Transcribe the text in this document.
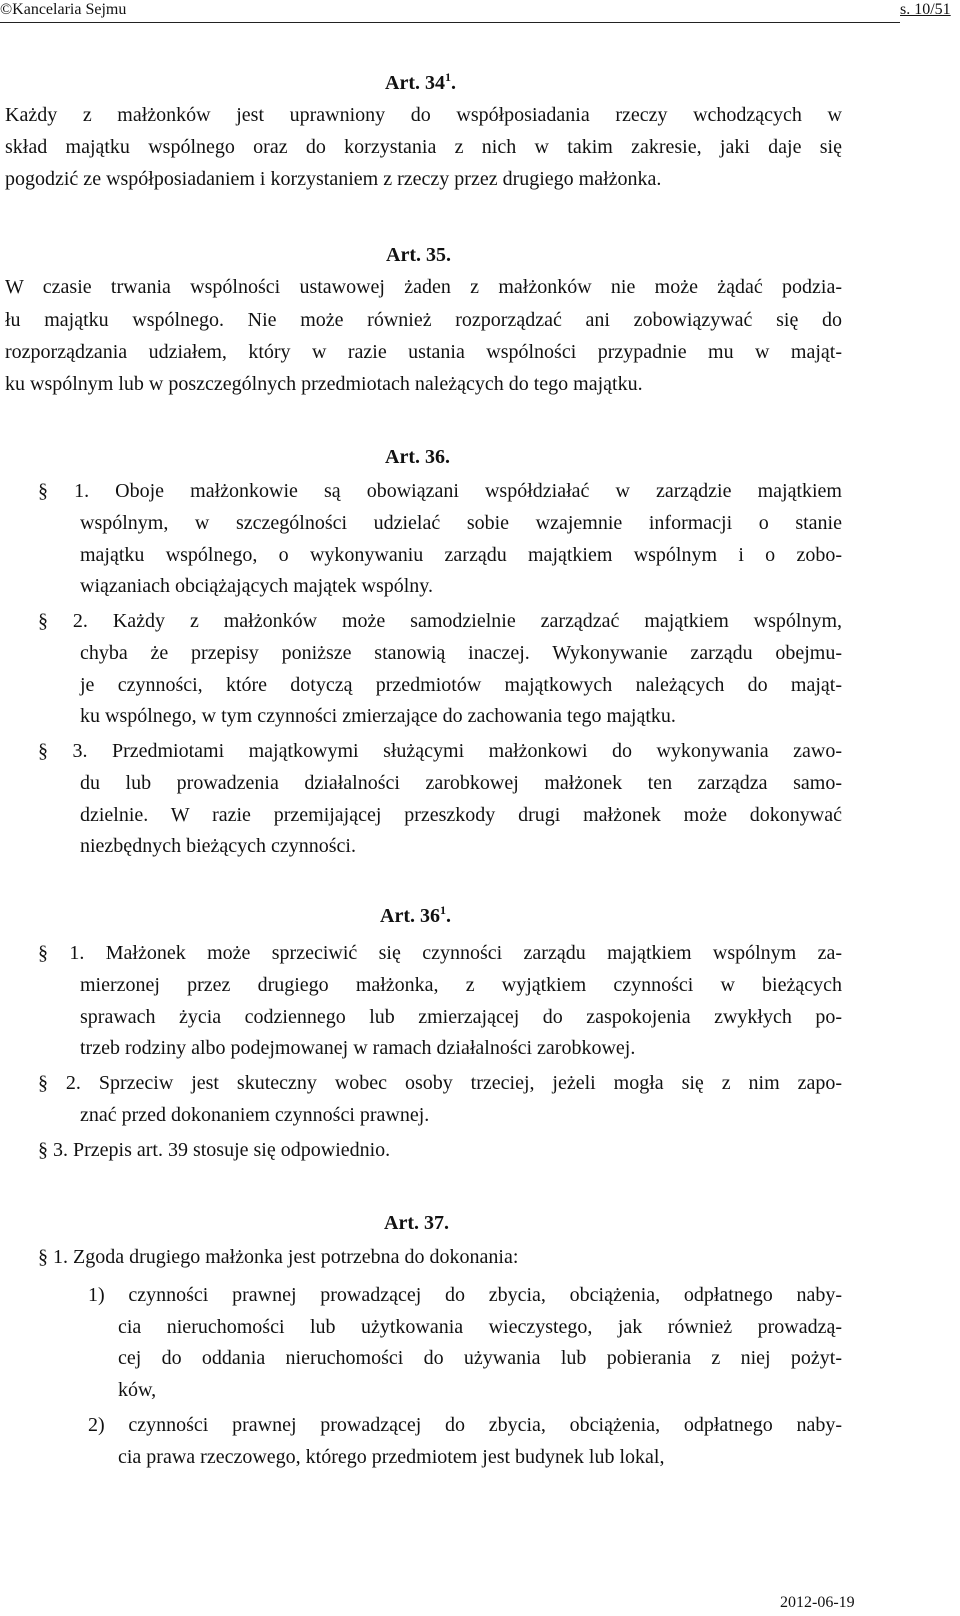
©Kancelaria Sejmu	s. 10/51
Art. $34^1$.
Każdy z małżonków jest uprawniony do współposiadania rzeczy wchodzących w
skład majątku wspólnego oraz do korzystania z nich w takim zakresie, jaki daje się
pogodzić ze współposiadaniem i korzystaniem z rzeczy przez drugiego małżonka.
Art. 35.
W czasie trwania wspólności ustawowej żaden z małżonków nie może żądać podzia-
łu majątku wspólnego. Nie może również rozporządzać ani zobowiązywać się do
rozporządzania udziałem, który w razie ustania wspólności przypadnie mu w mająt-
ku wspólnym lub w poszczególnych przedmiotach należących do tego majątku.
Art. 36.
§ 1. Oboje małżonkowie są obowiązani współdziałać w zarządzie majątkiem
wspólnym, w szczególności udzielać sobie wzajemnie informacji o stanie
majątku wspólnego, o wykonywaniu zarządu majątkiem wspólnym i o zobo-
wiązaniach obciążających majątek wspólny.
§ 2. Każdy z małżonków może samodzielnie zarządzać majątkiem wspólnym,
chyba że przepisy poniższe stanowią inaczej. Wykonywanie zarządu obejmu-
je czynności, które dotyczą przedmiotów majątkowych należących do mająt-
ku wspólnego, w tym czynności zmierzające do zachowania tego majątku.
§ 3. Przedmiotami majątkowymi służącymi małżonkowi do wykonywania zawo-
du lub prowadzenia działalności zarobkowej małżonek ten zarządza samo-
dzielnie. W razie przemijającej przeszkody drugi małżonek może dokonywać
niezbędnych bieżących czynności.
Art. $36^1$.
§ 1. Małżonek może sprzeciwić się czynności zarządu majątkiem wspólnym za-
mierzonej przez drugiego małżonka, z wyjątkiem czynności w bieżących
sprawach życia codziennego lub zmierzającej do zaspokojenia zwykłych po-
trzeb rodziny albo podejmowanej w ramach działalności zarobkowej.
§ 2. Sprzeciw jest skuteczny wobec osoby trzeciej, jeżeli mogła się z nim zapo-
znać przed dokonaniem czynności prawnej.
§ 3. Przepis art. 39 stosuje się odpowiednio.
Art. 37.
§ 1. Zgoda drugiego małżonka jest potrzebna do dokonania:
1) czynności prawnej prowadzącej do zbycia, obciążenia, odpłatnego naby-
cia nieruchomości lub użytkowania wieczystego, jak również prowadzą-
cej do oddania nieruchomości do używania lub pobierania z niej pożyt-
ków,
2) czynności prawnej prowadzącej do zbycia, obciążenia, odpłatnego naby-
cia prawa rzeczowego, którego przedmiotem jest budynek lub lokal,
2012-06-19
